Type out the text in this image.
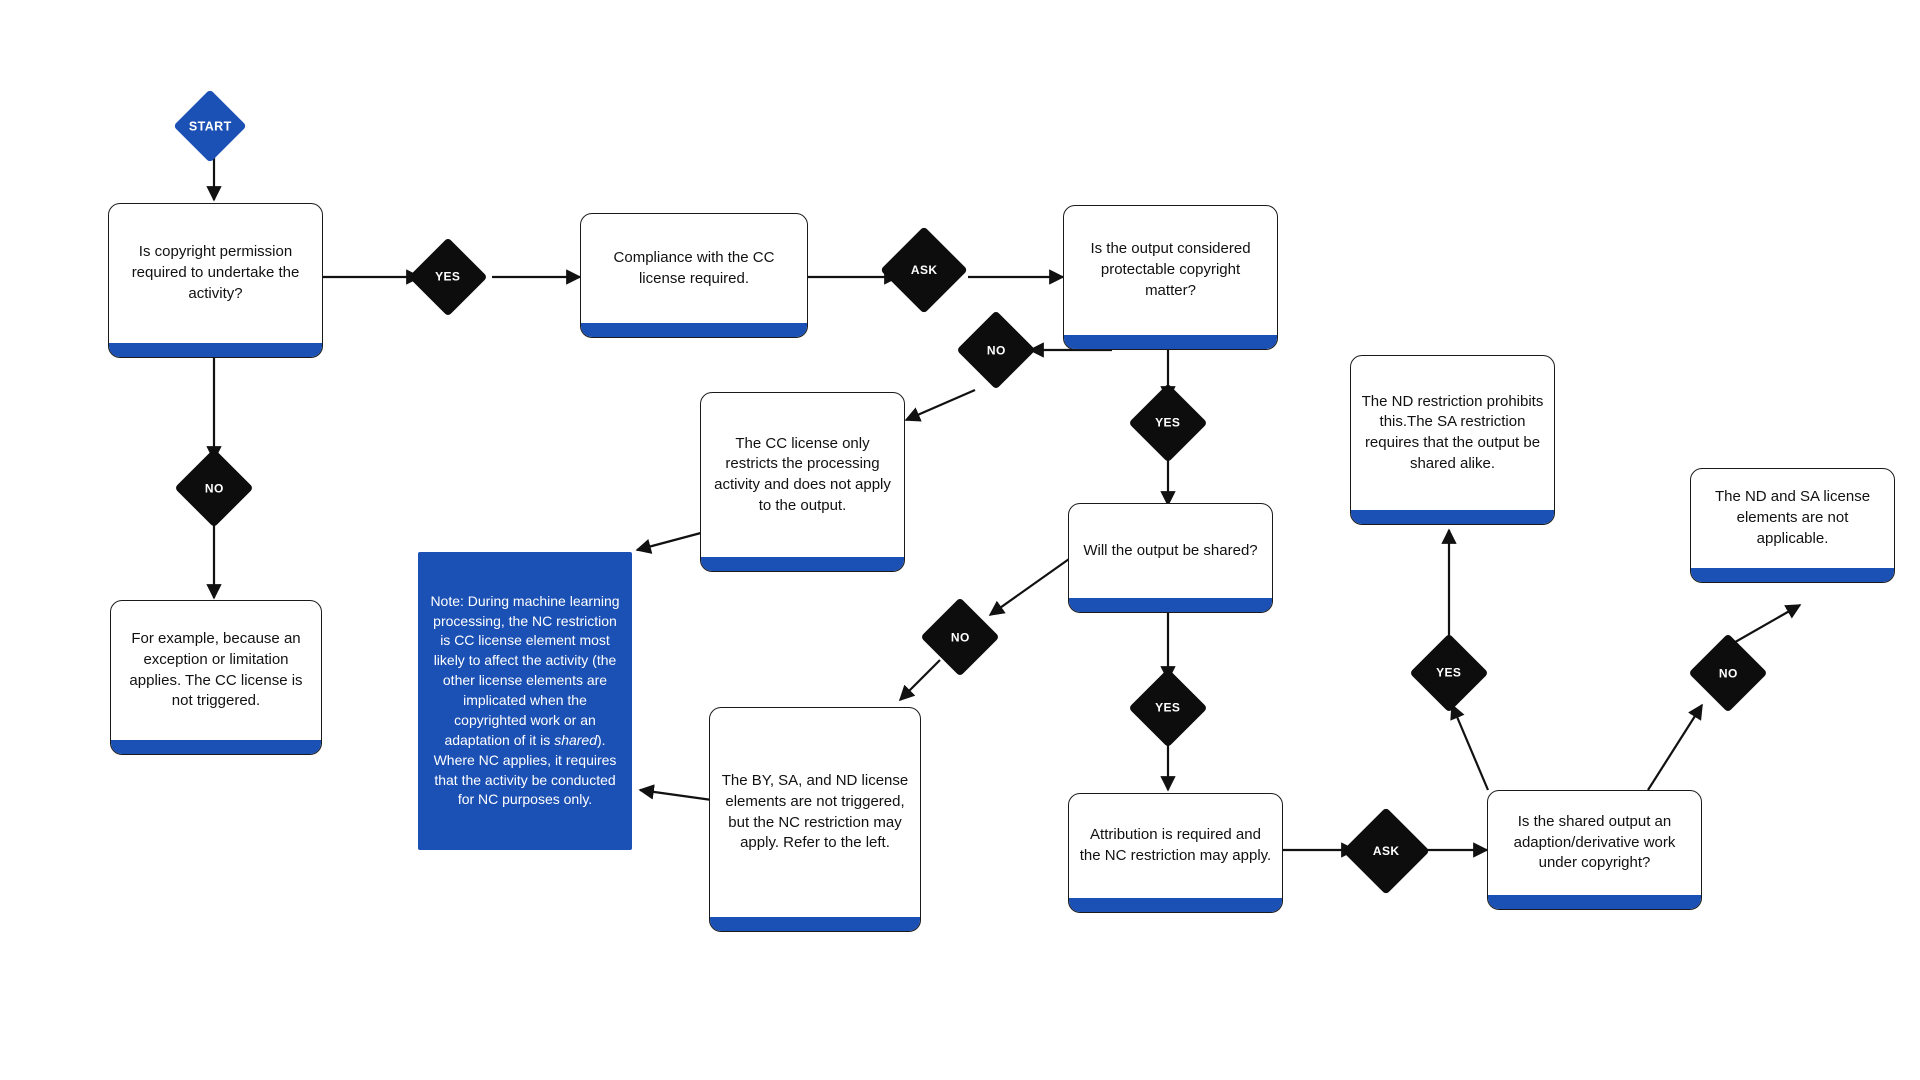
START
Is copyright permission required to undertake the activity?
YES
Compliance with the CC license required.	ASK
Is the output considered protectable copyright matter?
NO
NO
YES
The CC license only restricts the processing activity and does not apply to the output.
Note: During machine learning processing, the NC restriction is CC license element most likely to affect the activity (the other license elements are implicated when the copyrighted work or an adaptation of it is shared). Where NC applies, it requires that the activity be conducted for NC purposes only.
For example, because an exception or limitation applies. The CC license is not triggered.
Will the output be shared?
NO
The BY, SA, and ND license elements are not triggered, but the NC restriction may apply. Refer to the left.
YES
Attribution is required and the NC restriction may apply.	ASK
Is the shared output an adaption/derivative work under copyright?
YES	NO
The ND restriction prohibits this.The SA restriction requires that the output be shared alike.
The ND and SA license elements are not applicable.
